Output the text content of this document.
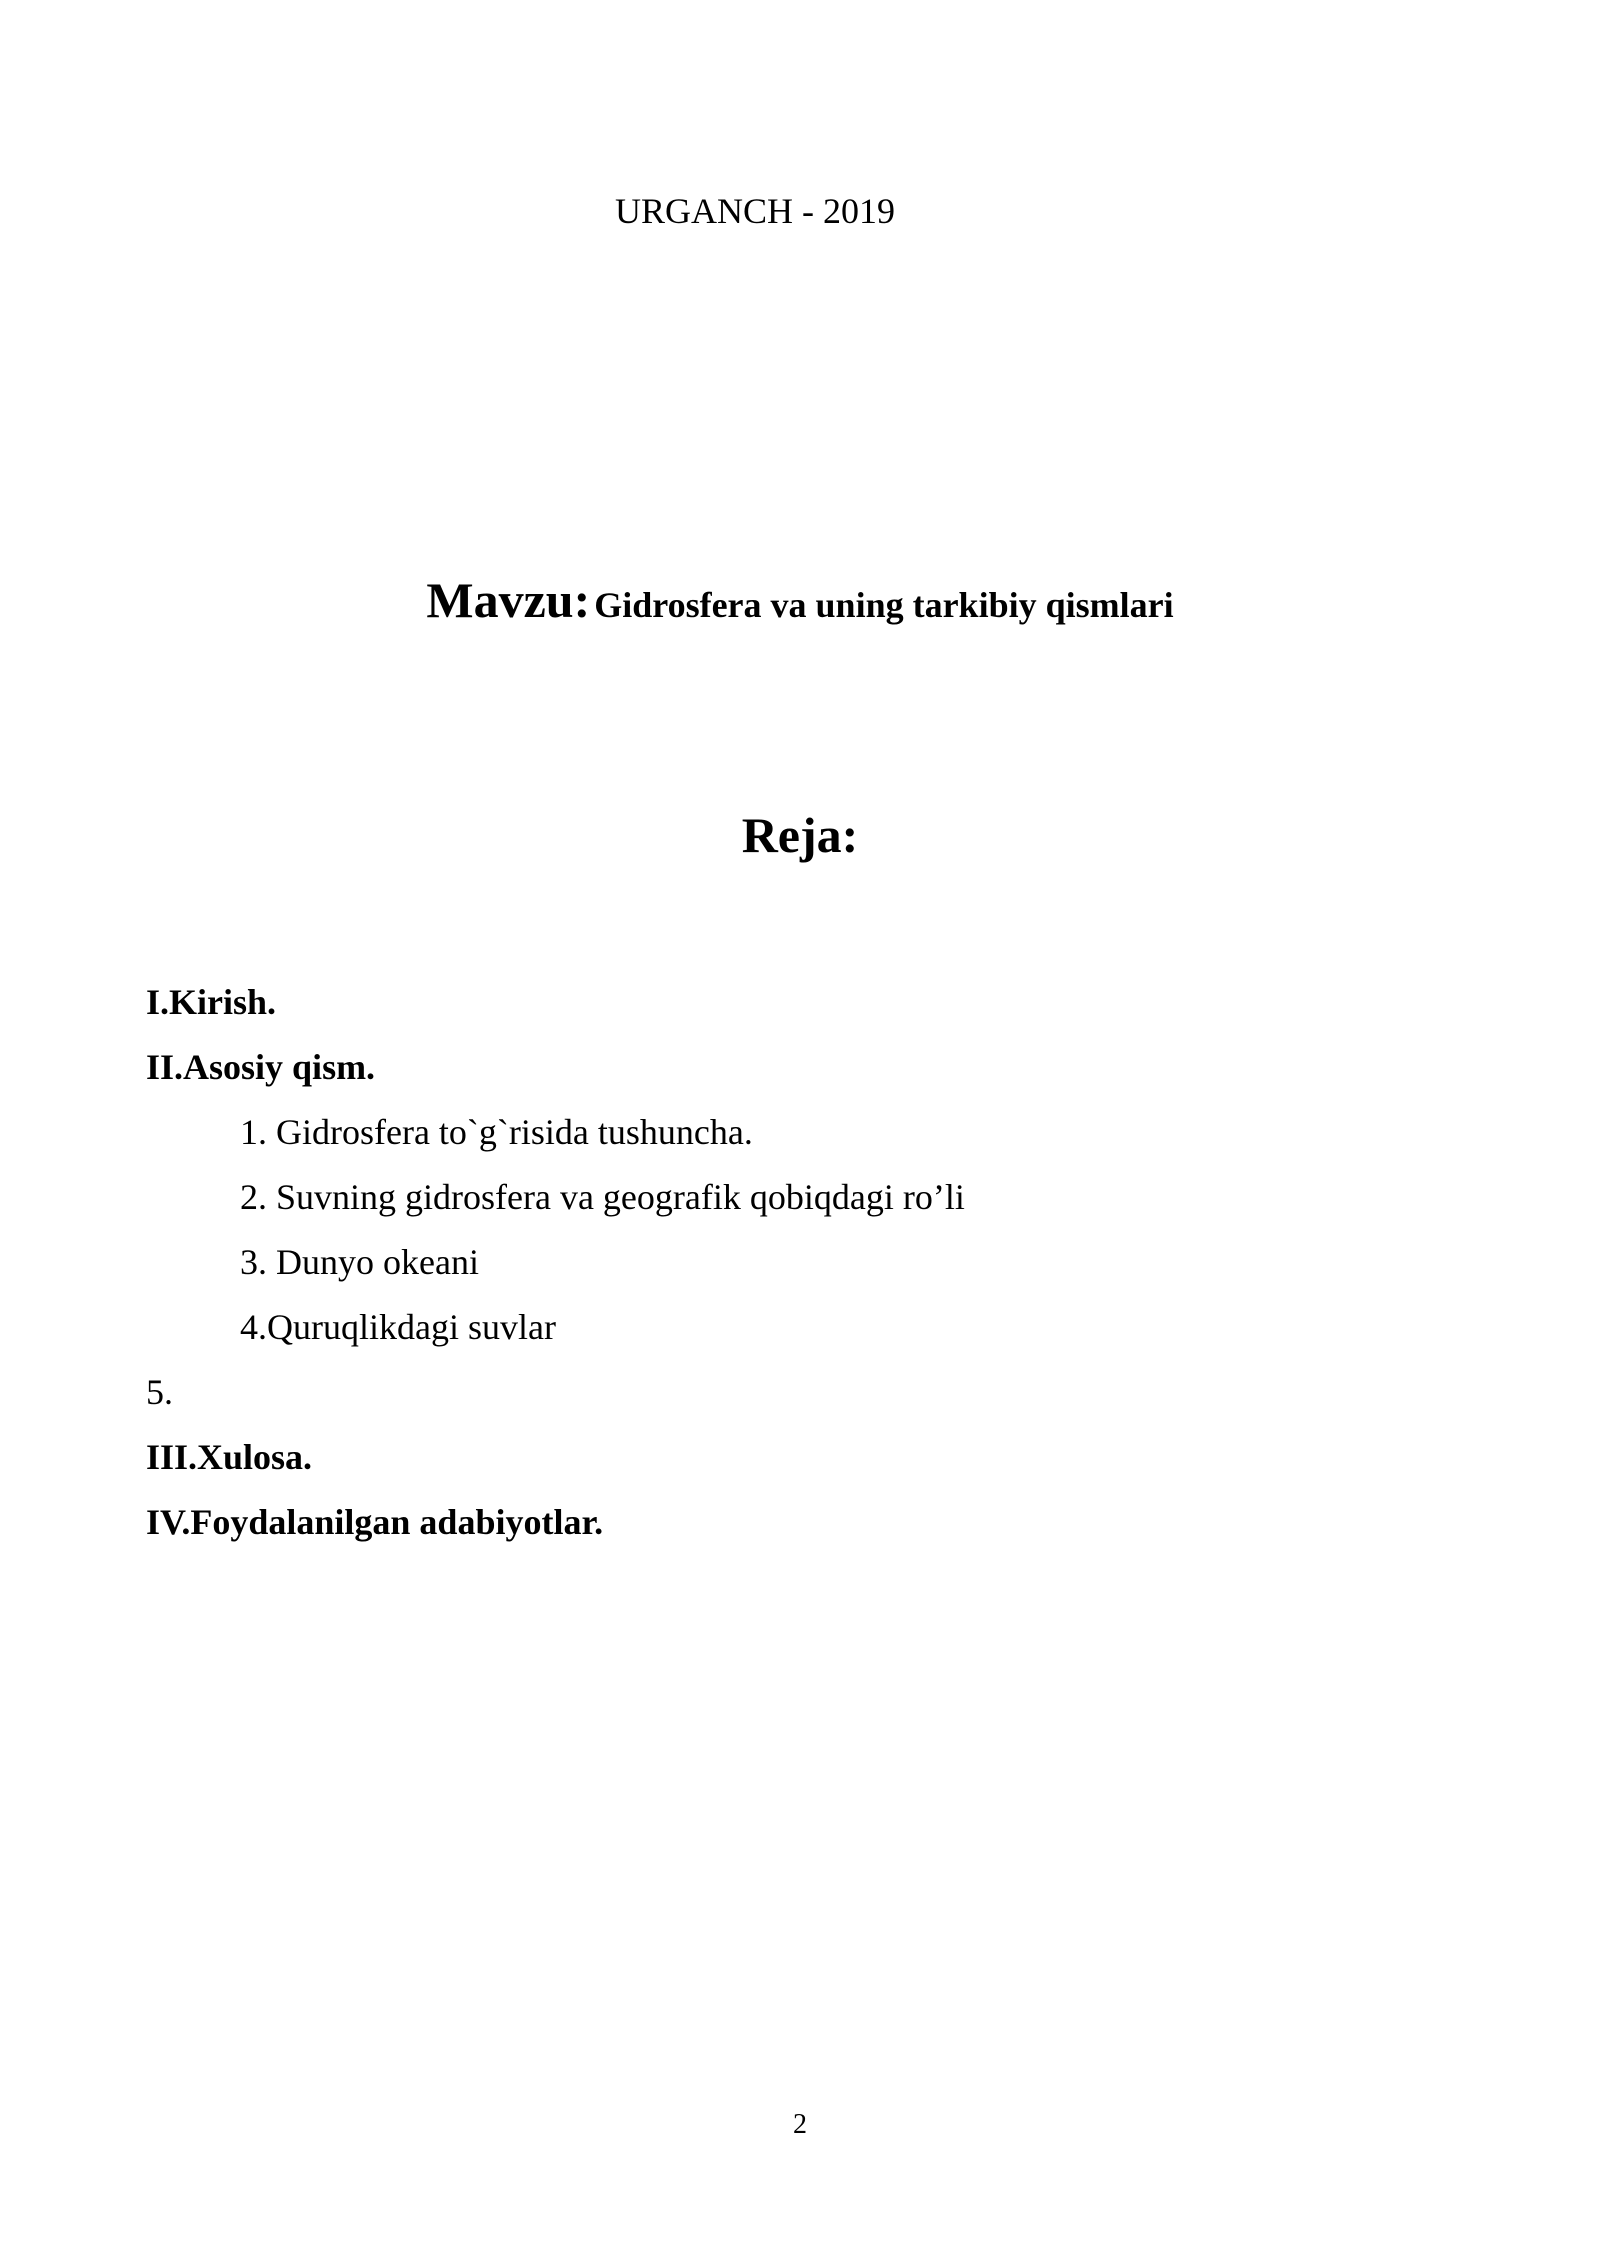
URGANCH - 2019
Mavzu: Gidrosfera va uning tarkibiy qismlari
Reja:
I.Kirish.
II.Asosiy qism.
1. Gidrosfera to`g`risida tushuncha.
2. Suvning gidrosfera va geografik qobiqdagi ro’li
3. Dunyo okeani
4.Quruqlikdagi suvlar
5.
III.Xulosa.
IV.Foydalanilgan adabiyotlar.
2
